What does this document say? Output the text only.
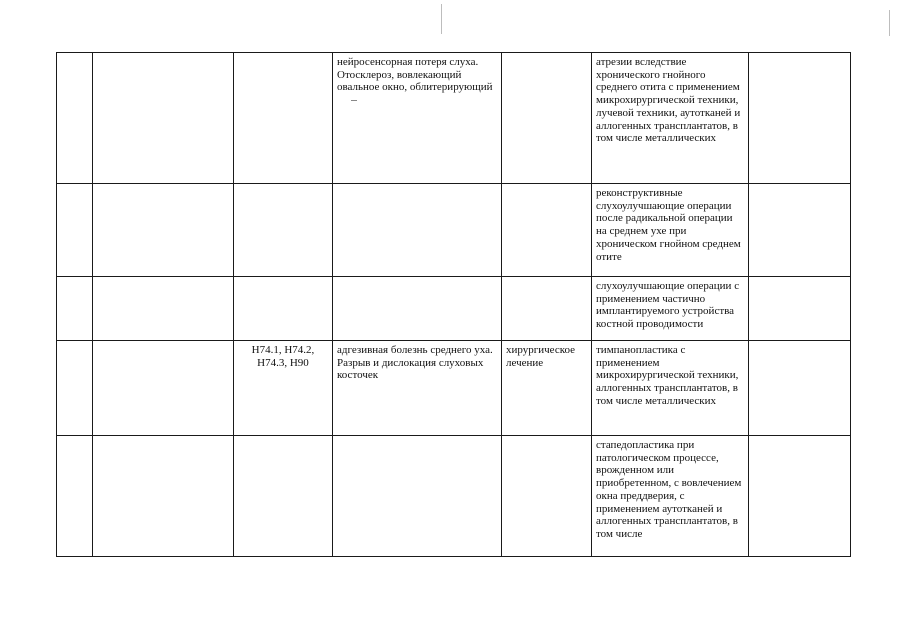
			нейросенсорная потеря слуха. Отосклероз, вовлекающий овальное окно, облитерирующий		атрезии вследствие хронического гнойного среднего отита с применением микрохирургической техники, лучевой техники, аутотканей и аллогенных трансплантатов, в том числе металлических	
					реконструктивные слухоулучшающие операции после радикальной операции на среднем ухе при хроническом гнойном среднем отите	
					слухоулучшающие операции с применением частично имплантируемого устройства костной проводимости	
		H74.1, H74.2, H74.3, H90	адгезивная болезнь среднего уха. Разрыв и дислокация слуховых косточек	хирургическое лечение	тимпанопластика с применением микрохирургической техники, аллогенных трансплантатов, в том числе металлических	
					стапедопластика при патологическом процессе, врожденном или приобретенном, с вовлечением окна преддверия, с применением аутотканей и аллогенных трансплантатов, в том числе	
